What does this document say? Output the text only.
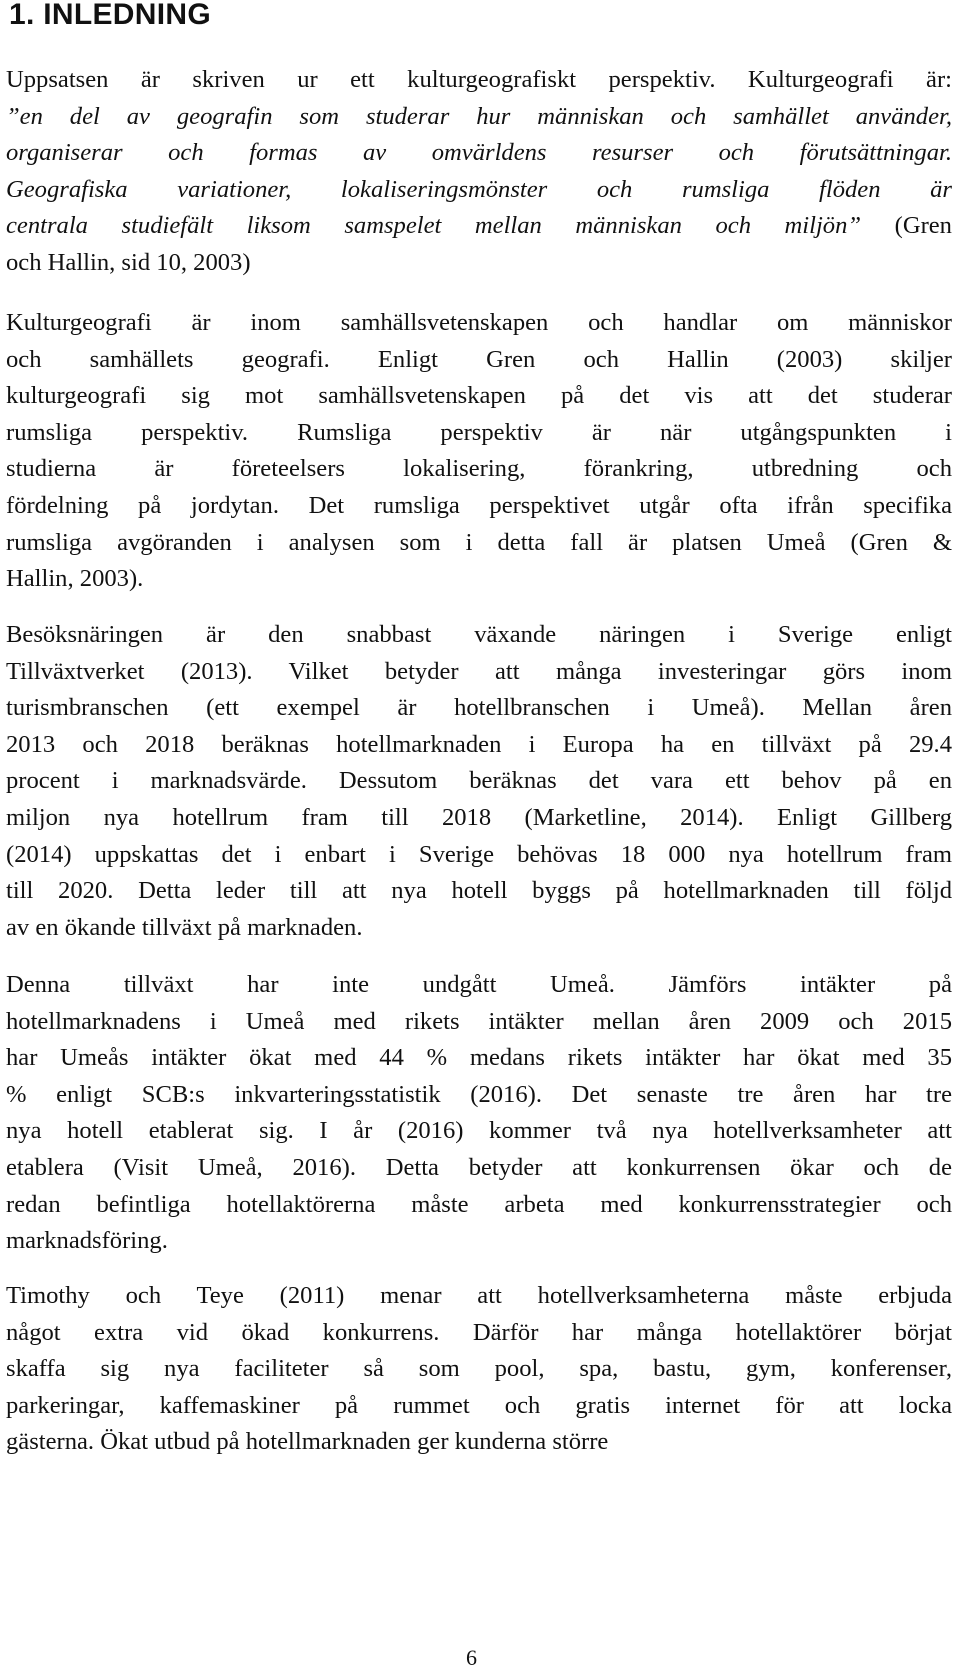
1. INLEDNING
Uppsatsen är skriven ur ett kulturgeografiskt perspektiv. Kulturgeografi är:
”en del av geografin som studerar hur människan och samhället använder,
organiserar och formas av omvärldens resurser och förutsättningar.
Geografiska variationer, lokaliseringsmönster och rumsliga flöden är
centrala studiefält liksom samspelet mellan människan och miljön” (Gren
och Hallin, sid 10, 2003)
Kulturgeografi är inom samhällsvetenskapen och handlar om människor
och samhällets geografi. Enligt Gren och Hallin (2003) skiljer
kulturgeografi sig mot samhällsvetenskapen på det vis att det studerar
rumsliga perspektiv. Rumsliga perspektiv är när utgångspunkten i
studierna är företeelsers lokalisering, förankring, utbredning och
fördelning på jordytan. Det rumsliga perspektivet utgår ofta ifrån specifika
rumsliga avgöranden i analysen som i detta fall är platsen Umeå (Gren &
Hallin, 2003).
Besöksnäringen är den snabbast växande näringen i Sverige enligt
Tillväxtverket (2013). Vilket betyder att många investeringar görs inom
turismbranschen (ett exempel är hotellbranschen i Umeå). Mellan åren
2013 och 2018 beräknas hotellmarknaden i Europa ha en tillväxt på 29.4
procent i marknadsvärde. Dessutom beräknas det vara ett behov på en
miljon nya hotellrum fram till 2018 (Marketline, 2014). Enligt Gillberg
(2014) uppskattas det i enbart i Sverige behövas 18 000 nya hotellrum fram
till 2020. Detta leder till att nya hotell byggs på hotellmarknaden till följd
av en ökande tillväxt på marknaden.
Denna tillväxt har inte undgått Umeå. Jämförs intäkter på
hotellmarknadens i Umeå med rikets intäkter mellan åren 2009 och 2015
har Umeås intäkter ökat med 44 % medans rikets intäkter har ökat med 35
% enligt SCB:s inkvarteringsstatistik (2016). Det senaste tre åren har tre
nya hotell etablerat sig. I år (2016) kommer två nya hotellverksamheter att
etablera (Visit Umeå, 2016). Detta betyder att konkurrensen ökar och de
redan befintliga hotellaktörerna måste arbeta med konkurrensstrategier och
marknadsföring.
Timothy och Teye (2011) menar att hotellverksamheterna måste erbjuda
något extra vid ökad konkurrens. Därför har många hotellaktörer börjat
skaffa sig nya faciliteter så som pool, spa, bastu, gym, konferenser,
parkeringar, kaffemaskiner på rummet och gratis internet för att locka
gästerna. Ökat utbud på hotellmarknaden ger kunderna större
6
